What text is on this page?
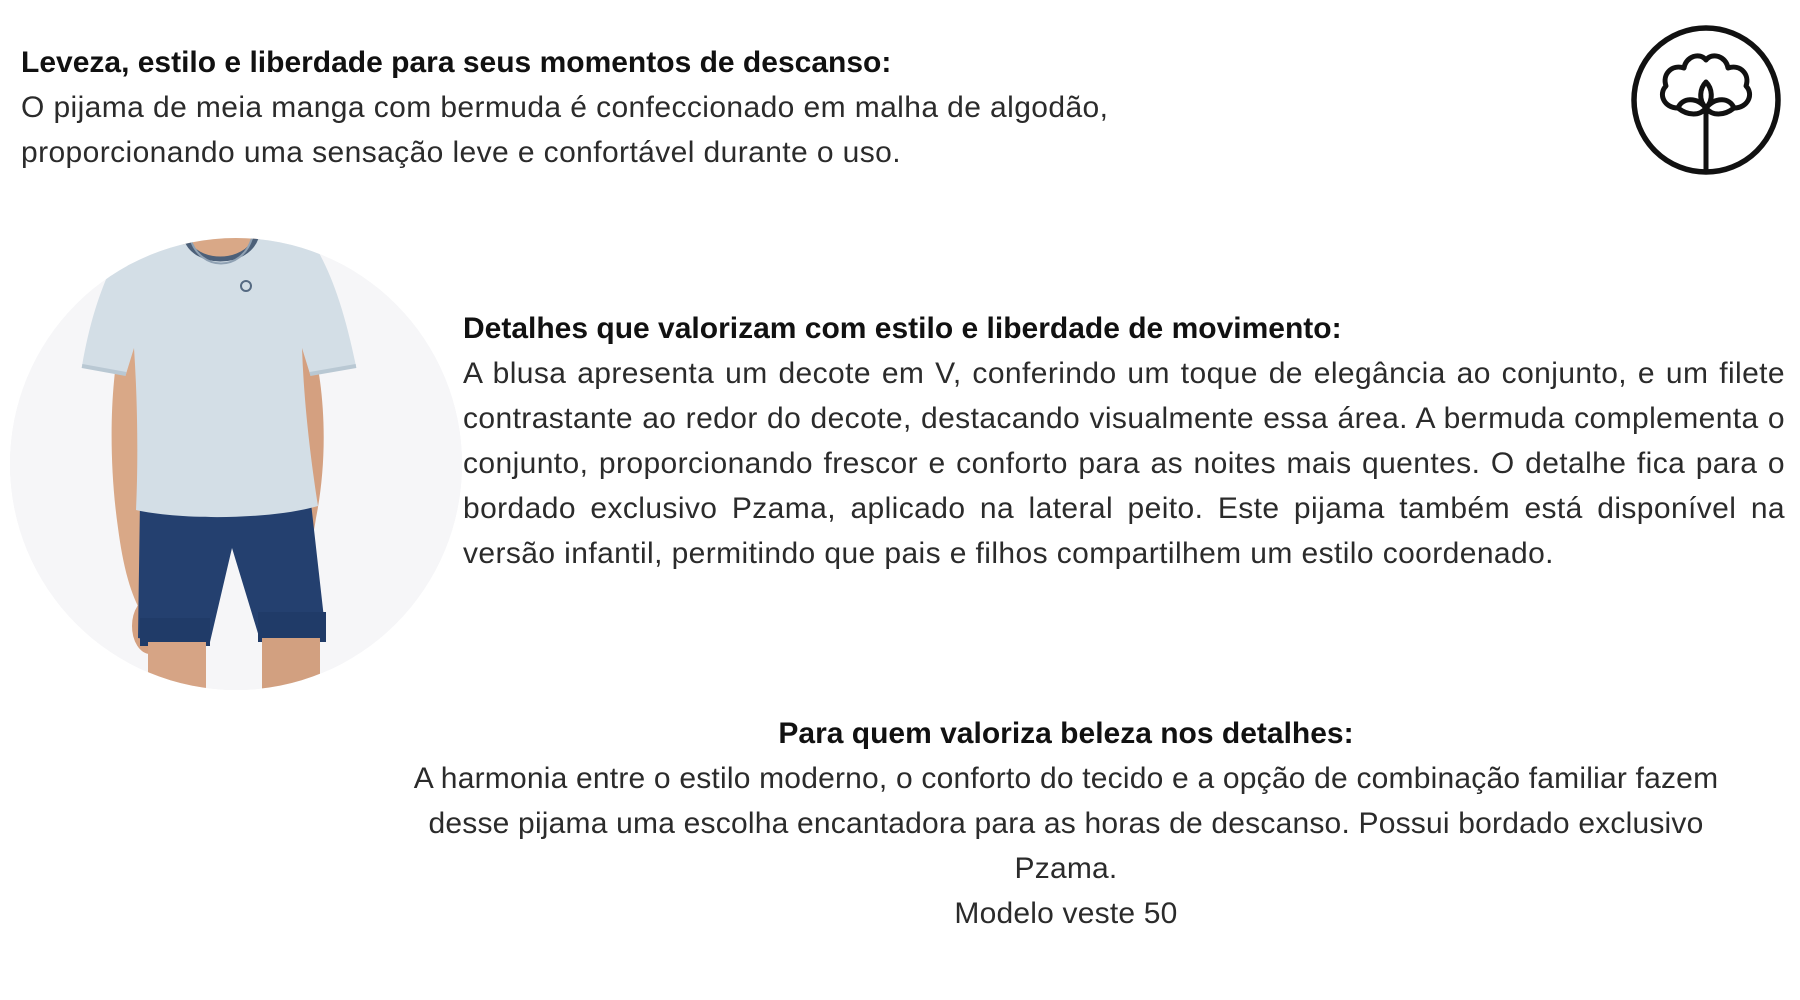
Leveza, estilo e liberdade para seus momentos de descanso:

O pijama de meia manga com bermuda é confeccionado em malha de algodão, proporcionando uma sensação leve e confortável durante o uso.

Detalhes que valorizam com estilo e liberdade de movimento:

A blusa apresenta um decote em V, conferindo um toque de elegância ao conjunto, e um filete contrastante ao redor do decote, destacando visualmente essa área. A bermuda complementa o conjunto, proporcionando frescor e conforto para as noites mais quentes. O detalhe fica para o bordado exclusivo Pzama, aplicado na lateral peito. Este pijama também está disponível na versão infantil, permitindo que pais e filhos compartilhem um estilo coordenado.

Para quem valoriza beleza nos detalhes:

A harmonia entre o estilo moderno, o conforto do tecido e a opção de combinação familiar fazem

desse pijama uma escolha encantadora para as horas de descanso. Possui bordado exclusivo

Pzama.

Modelo veste 50
